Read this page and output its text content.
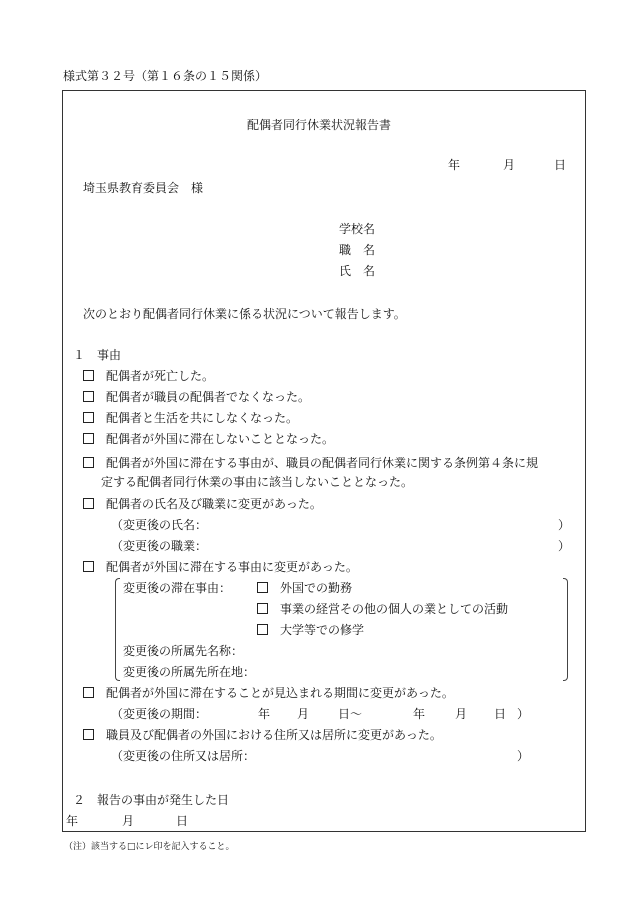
様式第３２号（第１６条の１５関係）
配偶者同行休業状況報告書
年	月	日
埼玉県教育委員会　様
学校名
職　名
氏　名
次のとおり配偶者同行休業に係る状況について報告します。
１　事由
　配偶者が死亡した。
　配偶者が職員の配偶者でなくなった。
　配偶者と生活を共にしなくなった。
　配偶者が外国に滞在しないこととなった。
　配偶者が外国に滞在する事由が、職員の配偶者同行休業に関する条例第４条に規
定する配偶者同行休業の事由に該当しないこととなった。
　配偶者の氏名及び職業に変更があった。
（変更後の氏名：	）
（変更後の職業：	）
　配偶者が外国に滞在する事由に変更があった。
変更後の滞在事由：
　	外国での勤務
　事業の経営その他の個人の業としての活動
　大学等での修学
変更後の所属先名称：
変更後の所属先所在地：
　配偶者が外国に滞在することが見込まれる期間に変更があった。
（変更後の期間：	年 月 日～	年 月 日 ）
　職員及び配偶者の外国における住所又は居所に変更があった。
（変更後の住所又は居所：	）
２　報告の事由が発生した日
年	月	日
（注）該当する□にレ印を記入すること。
